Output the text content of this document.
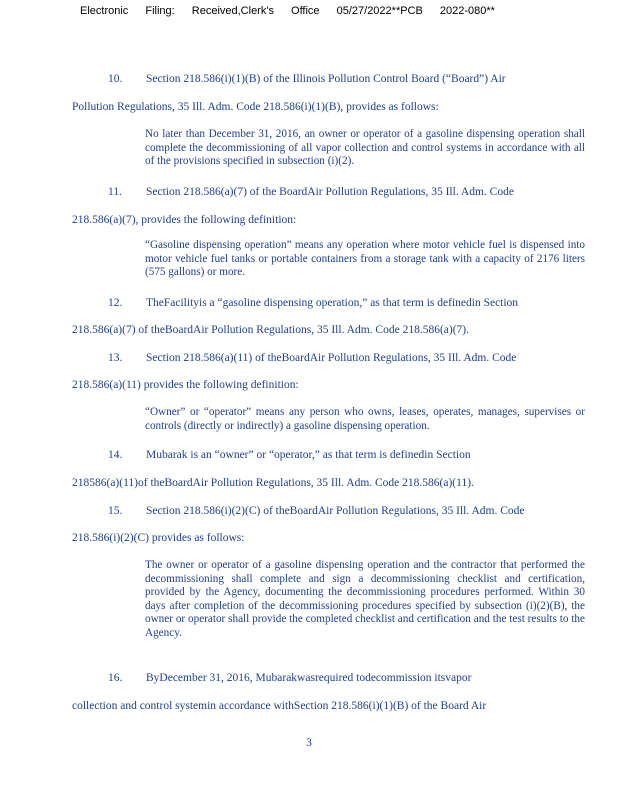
Electronic Filing: Received,Clerk's Office 05/27/2022**PCB 2022-080**
10. Section 218.586(i)(1)(B) of the Illinois Pollution Control Board (“Board”) Air
Pollution Regulations, 35 Ill. Adm. Code 218.586(i)(1)(B), provides as follows:
No later than December 31, 2016, an owner or operator of a gasoline dispensing operation shall complete the decommissioning of all vapor collection and control systems in accordance with all of the provisions specified in subsection (i)(2).
11. Section 218.586(a)(7) of the BoardAir Pollution Regulations, 35 Ill. Adm. Code
218.586(a)(7), provides the following definition:
“Gasoline dispensing operation” means any operation where motor vehicle fuel is dispensed into motor vehicle fuel tanks or portable containers from a storage tank with a capacity of 2176 liters (575 gallons) or more.
12. TheFacilityis a “gasoline dispensing operation,” as that term is definedin Section
218.586(a)(7) of theBoardAir Pollution Regulations, 35 Ill. Adm. Code 218.586(a)(7).
13. Section 218.586(a)(11) of theBoardAir Pollution Regulations, 35 Ill. Adm. Code
218.586(a)(11) provides the following definition:
“Owner” or “operator” means any person who owns, leases, operates, manages, supervises or controls (directly or indirectly) a gasoline dispensing operation.
14. Mubarak is an “owner” or “operator,” as that term is definedin Section
218586(a)(11)of theBoardAir Pollution Regulations, 35 Ill. Adm. Code 218.586(a)(11).
15. Section 218.586(i)(2)(C) of theBoardAir Pollution Regulations, 35 Ill. Adm. Code
218.586(i)(2)(C) provides as follows:
The owner or operator of a gasoline dispensing operation and the contractor that performed the decommissioning shall complete and sign a decommissioning checklist and certification, provided by the Agency, documenting the decommissioning procedures performed. Within 30 days after completion of the decommissioning procedures specified by subsection (i)(2)(B), the owner or operator shall provide the completed checklist and certification and the test results to the Agency.
16. ByDecember 31, 2016, Mubarakwasrequired todecommission itsvapor
collection and control systemin accordance withSection 218.586(i)(1)(B) of the Board Air
3
